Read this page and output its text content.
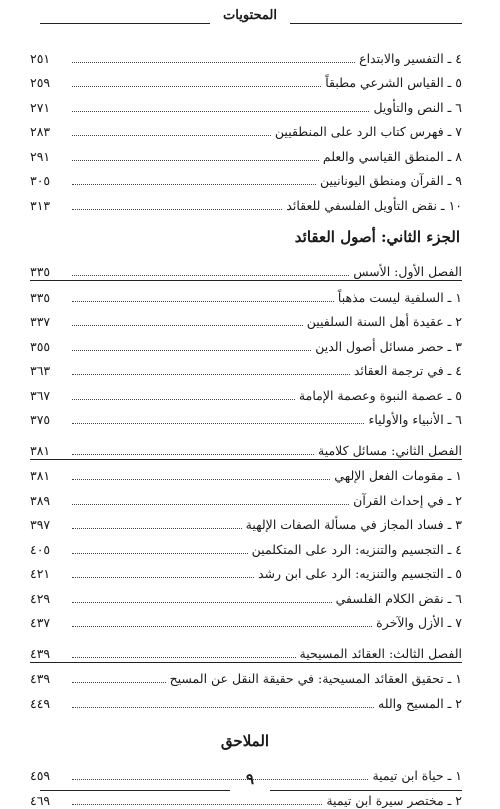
المحتويات
٤ ـ التفسير والابتداع
٢٥١
٥ ـ القياس الشرعي مطبقاً
٢٥٩
٦ ـ النص والتأويل
٢٧١
٧ ـ فهرس كتاب الرد على المنطقيين
٢٨٣
٨ ـ المنطق القياسي والعلم
٢٩١
٩ ـ القرآن ومنطق اليونانيين
٣٠٥
١٠ ـ نقض التأويل الفلسفي للعقائد
٣١٣
الجزء الثاني: أصول العقائد
الفصل الأول: الأسس
٣٣٥
١ ـ السلفية ليست مذهباً
٣٣٥
٢ ـ عقيدة أهل السنة السلفيين
٣٣٧
٣ ـ حصر مسائل أصول الدين
٣٥٥
٤ ـ في ترجمة العقائد
٣٦٣
٥ ـ عصمة النبوة وعصمة الإمامة
٣٦٧
٦ ـ الأنبياء والأولياء
٣٧٥
الفصل الثاني: مسائل كلامية
٣٨١
١ ـ مقومات الفعل الإلهي
٣٨١
٢ ـ في إحداث القرآن
٣٨٩
٣ ـ فساد المجاز في مسألة الصفات الإلهية
٣٩٧
٤ ـ التجسيم والتنزيه: الرد على المتكلمين
٤٠٥
٥ ـ التجسيم والتنزيه: الرد على ابن رشد
٤٢١
٦ ـ نقض الكلام الفلسفي
٤٢٩
٧ ـ الأزل والآخرة
٤٣٧
الفصل الثالث: العقائد المسيحية
٤٣٩
١ ـ تحقيق العقائد المسيحية: في حقيقة النقل عن المسيح
٤٣٩
٢ ـ المسيح والله
٤٤٩
الملاحق
١ ـ حياة ابن تيمية
٤٥٩
٢ ـ مختصر سيرة ابن تيمية
٤٦٩
٩
